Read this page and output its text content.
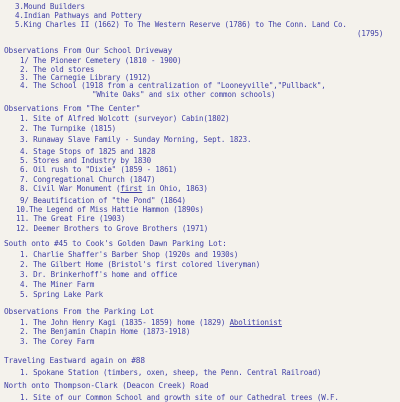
3.Mound Builders
4.Indian Pathways and Pottery
5.King Charles II (1662) To The Western Reserve (1786) to The Conn. Land Co.
(1795)
Observations From Our School Driveway
1/ The Pioneer Cemetery (1810 - 1900)
2. The old stores
3. The Carnegie Library (1912)
4. The School (1918 from a centralization of "Looneyville","Pullback",
"White Oaks" and six other common schools)
Observations From "The Center"
1. Site of Alfred Wolcott (surveyor) Cabin(1802)
2. The Turnpike (1815)
3. Runaway Slave Family - Sunday Morning, Sept. 1823.
4. Stage Stops of 1825 and 1828
5. Stores and Industry by 1830
6. Oil rush to "Dixie" (1859 - 1861)
7. Congregational Church (1847)
8. Civil War Monument (first in Ohio, 1863)
9/ Beautification of "the Pond" (1864)
10.The Legend of Miss Hattie Hammon (1890s)
11. The Great Fire (1903)
12. Deemer Brothers to Grove Brothers (1971)
South onto #45 to Cook's Golden Dawn Parking Lot:
1. Charlie Shaffer's Barber Shop (1920s and 1930s)
2. The Gilbert Home (Bristol's first colored liveryman)
3. Dr. Brinkerhoff's home and office
4. The Miner Farm
5. Spring Lake Park
Observations From the Parking Lot
1. The John Henry Kagi (1835- 1859) home (1829) Abolitionist
2. The Benjamin Chapin Home (1873-1918)
3. The Corey Farm
Traveling Eastward again on #88
1. Spokane Station (timbers, oxen, sheep, the Penn. Central Railroad)
North onto Thompson-Clark (Deacon Creek) Road
1. Site of our Common School and growth site of our Cathedral trees (W.F.
